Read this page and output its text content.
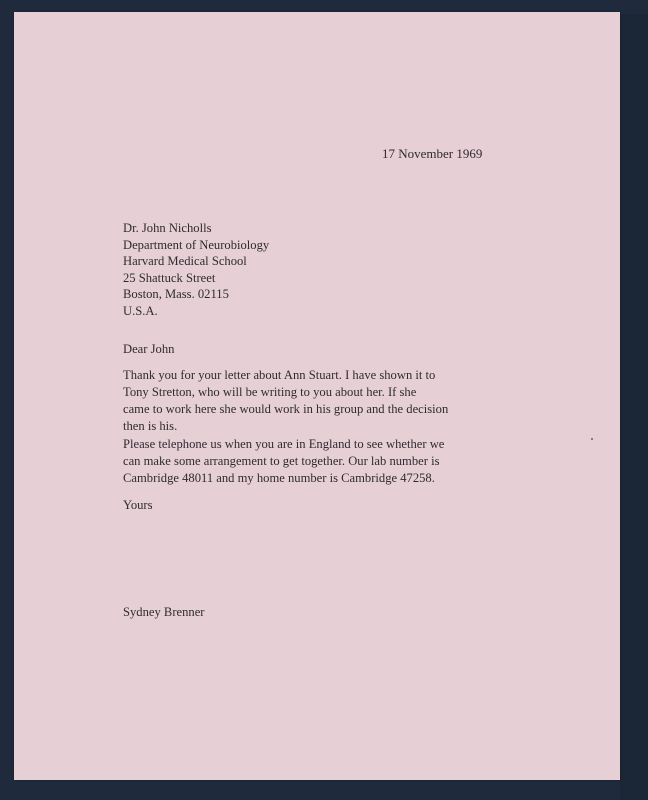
17 November 1969
Dr. John Nicholls
Department of Neurobiology
Harvard Medical School
25 Shattuck Street
Boston, Mass. 02115
U.S.A.
Dear John
Thank you for your letter about Ann Stuart. I have shown it to
Tony Stretton, who will be writing to you about her. If she
came to work here she would work in his group and the decision
then is his.
Please telephone us when you are in England to see whether we
can make some arrangement to get together. Our lab number is
Cambridge 48011 and my home number is Cambridge 47258.
Yours
Sydney Brenner
